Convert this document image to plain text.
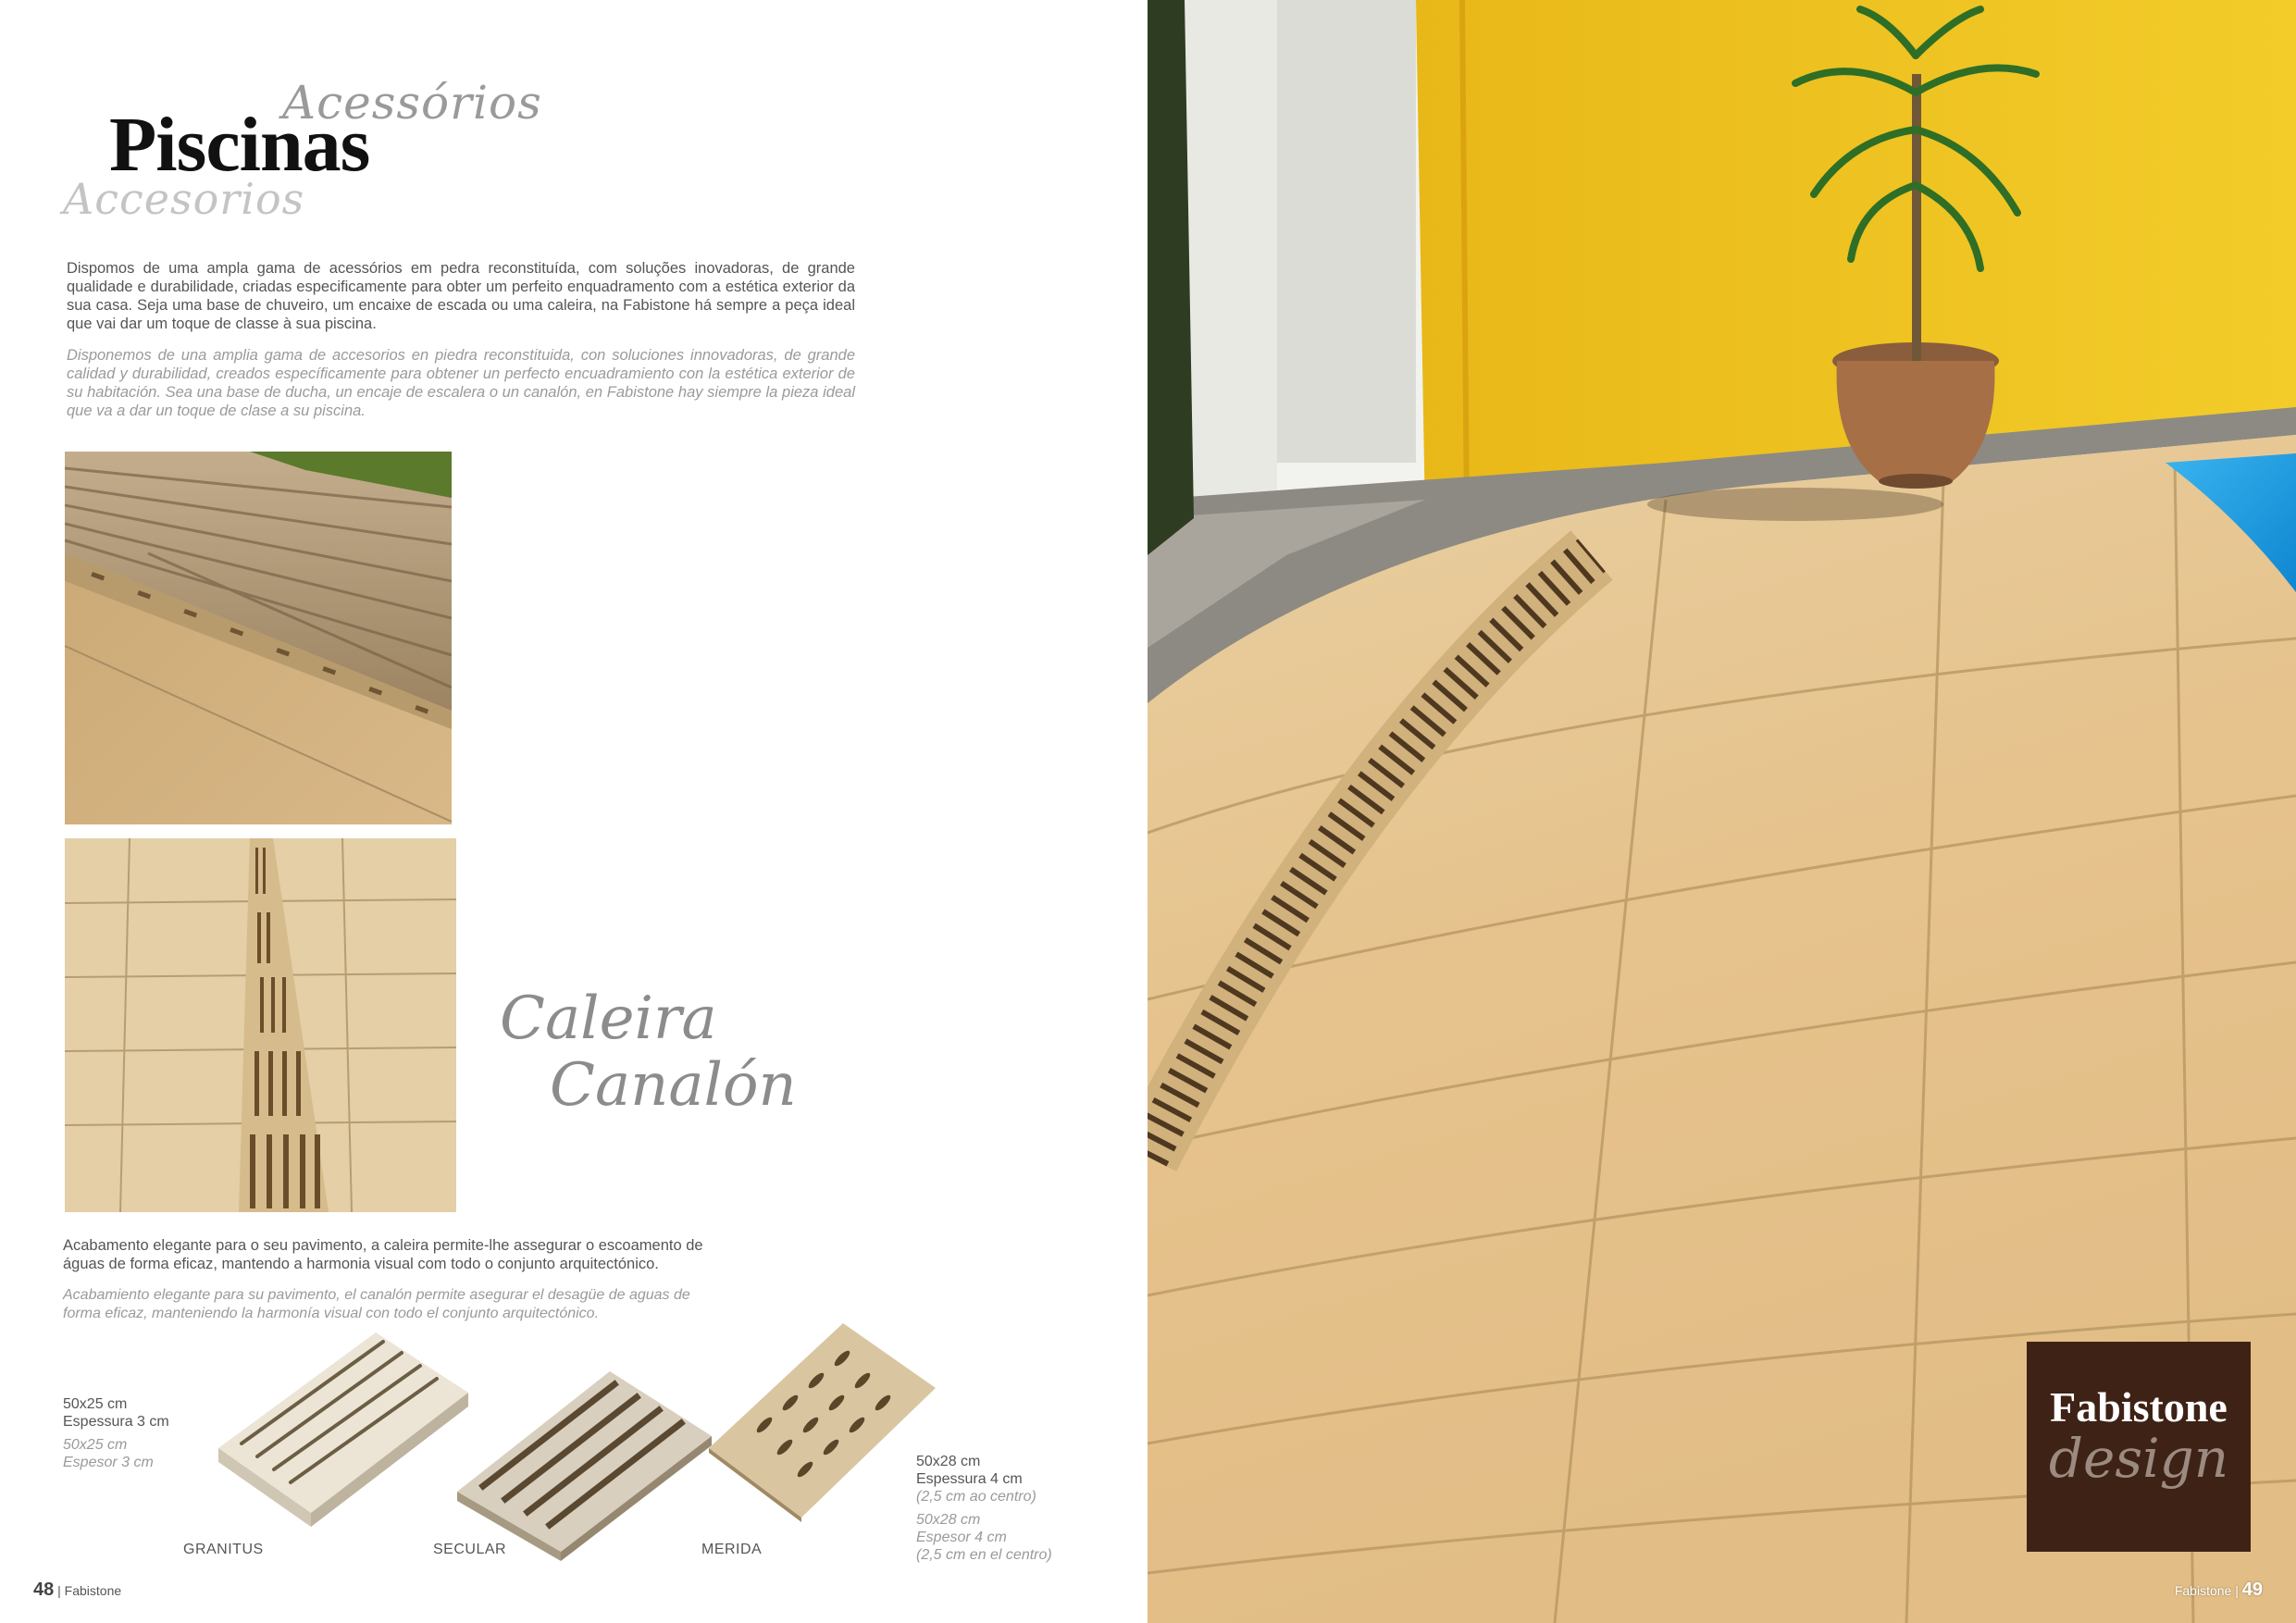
Acessórios
Piscinas
Accesorios
Dispomos de uma ampla gama de acessórios em pedra reconstituída, com soluções inovadoras, de grande qualidade e durabilidade, criadas especificamente para obter um perfeito enquadramento com a estética exterior da sua casa. Seja uma base de chuveiro, um encaixe de escada ou uma caleira, na Fabistone há sempre a peça ideal que vai dar um toque de classe à sua piscina.
Disponemos de una amplia gama de accesorios en piedra reconstituida, con soluciones innovadoras, de grande calidad y durabilidad, creados específicamente para obtener un perfecto encuadramiento con la estética exterior de su habitación. Sea una base de ducha, un encaje de escalera o un canalón, en Fabistone hay siempre la pieza ideal que va a dar un toque de clase a su piscina.
Caleira
Canalón
Acabamento elegante para o seu pavimento, a caleira permite-lhe assegurar o escoamento de águas de forma eficaz, mantendo a harmonia visual com todo o conjunto arquitectónico.
Acabamiento elegante para su pavimento, el canalón permite asegurar el desagüe de aguas de forma eficaz, manteniendo la harmonía visual con todo el conjunto arquitectónico.
50x25 cm
Espessura 3 cm
50x25 cm
Espesor 3 cm
GRANITUS	SECULAR	MERIDA
50x28 cm
Espessura 4 cm
(2,5 cm ao centro)
50x28 cm
Espesor 4 cm
(2,5 cm en el centro)
48 | Fabistone	Fabistone | 49
Fabistone
design
